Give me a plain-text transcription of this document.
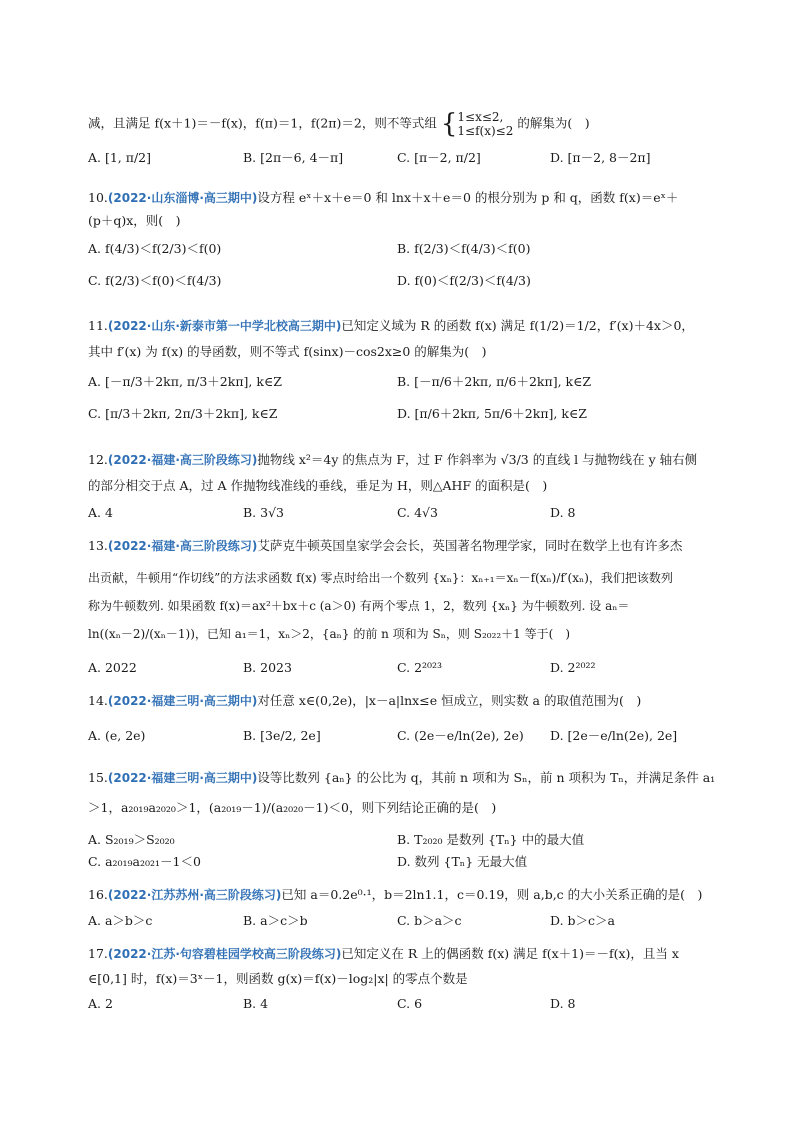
减，且满足 f(x＋1)＝－f(x)，f(π)＝1，f(2π)＝2，则不等式组 { 1≤x≤2,
1≤f(x)≤2
的解集为(　)
A. [1, π/2]	B. [2π－6, 4－π]	C. [π－2, π/2]	D. [π－2, 8－2π]
10.(2022·山东淄博·高三期中)设方程 eˣ＋x＋e＝0 和 lnx＋x＋e＝0 的根分别为 p 和 q，函数 f(x)＝eˣ＋
(p＋q)x，则(　)
A. f(4/3)＜f(2/3)＜f(0)	B. f(2/3)＜f(4/3)＜f(0)
C. f(2/3)＜f(0)＜f(4/3)	D. f(0)＜f(2/3)＜f(4/3)
11.(2022·山东·新泰市第一中学北校高三期中)已知定义域为 R 的函数 f(x) 满足 f(1/2)＝1/2，f′(x)＋4x＞0，
其中 f′(x) 为 f(x) 的导函数，则不等式 f(sinx)－cos2x≥0 的解集为(　)
A. [－π/3＋2kπ, π/3＋2kπ], k∈Z	B. [－π/6＋2kπ, π/6＋2kπ], k∈Z
C. [π/3＋2kπ, 2π/3＋2kπ], k∈Z	D. [π/6＋2kπ, 5π/6＋2kπ], k∈Z
12.(2022·福建·高三阶段练习)抛物线 x²＝4y 的焦点为 F，过 F 作斜率为 √3/3 的直线 l 与抛物线在 y 轴右侧
的部分相交于点 A，过 A 作抛物线准线的垂线，垂足为 H，则△AHF 的面积是(　)
A. 4	B. 3√3	C. 4√3	D. 8
13.(2022·福建·高三阶段练习)艾萨克牛顿英国皇家学会会长，英国著名物理学家，同时在数学上也有许多杰
出贡献，牛顿用“作切线”的方法求函数 f(x) 零点时给出一个数列 {xₙ}：xₙ₊₁＝xₙ－f(xₙ)/f′(xₙ)，我们把该数列
称为牛顿数列. 如果函数 f(x)＝ax²＋bx＋c (a＞0) 有两个零点 1，2，数列 {xₙ} 为牛顿数列. 设 aₙ＝
ln((xₙ－2)/(xₙ－1))，已知 a₁＝1，xₙ＞2，{aₙ} 的前 n 项和为 Sₙ，则 S₂₀₂₂＋1 等于(　)
A. 2022	B. 2023	C. 2²⁰²³	D. 2²⁰²²
14.(2022·福建三明·高三期中)对任意 x∈(0,2e)，|x－a|lnx≤e 恒成立，则实数 a 的取值范围为(　)
A. (e, 2e)	B. [3e/2, 2e]	C. (2e－e/ln(2e), 2e) D. [2e－e/ln(2e), 2e]
15.(2022·福建三明·高三期中)设等比数列 {aₙ} 的公比为 q，其前 n 项和为 Sₙ，前 n 项积为 Tₙ，并满足条件 a₁
＞1，a₂₀₁₉a₂₀₂₀＞1，(a₂₀₁₉－1)/(a₂₀₂₀－1)＜0，则下列结论正确的是(　)
A. S₂₀₁₉＞S₂₀₂₀	B. T₂₀₂₀ 是数列 {Tₙ} 中的最大值
C. a₂₀₁₉a₂₀₂₁－1＜0	D. 数列 {Tₙ} 无最大值
16.(2022·江苏苏州·高三阶段练习)已知 a＝0.2e⁰·¹，b＝2ln1.1，c＝0.19，则 a,b,c 的大小关系正确的是(　)
A. a＞b＞c	B. a＞c＞b	C. b＞a＞c	D. b＞c＞a
17.(2022·江苏·句容碧桂园学校高三阶段练习)已知定义在 R 上的偶函数 f(x) 满足 f(x＋1)＝－f(x)，且当 x
∈[0,1] 时，f(x)＝3ˣ－1，则函数 g(x)＝f(x)－log₂|x| 的零点个数是
A. 2	B. 4	C. 6	D. 8
